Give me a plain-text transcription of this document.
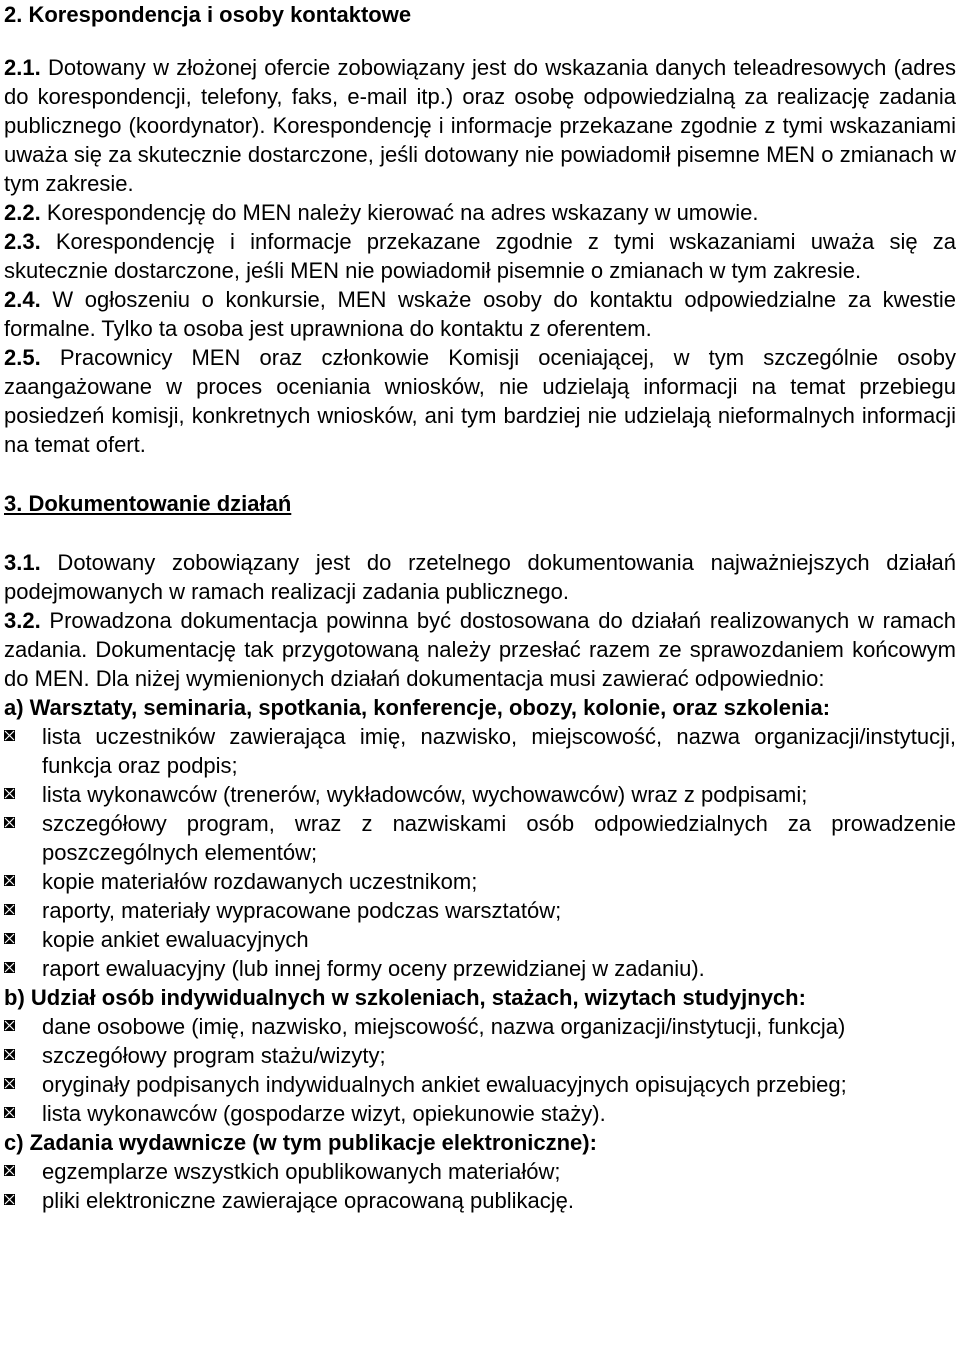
2. Korespondencja i osoby kontaktowe

2.1. Dotowany w złożonej ofercie zobowiązany jest do wskazania danych teleadresowych (adres do korespondencji, telefony, faks, e-mail itp.) oraz osobę odpowiedzialną za realizację zadania publicznego (koordynator). Korespondencję i informacje przekazane zgodnie z tymi wskazaniami uważa się za skutecznie dostarczone, jeśli dotowany nie powiadomił pisemne MEN o zmianach w tym zakresie.

2.2. Korespondencję do MEN należy kierować na adres wskazany w umowie.

2.3. Korespondencję i informacje przekazane zgodnie z tymi wskazaniami uważa się za skutecznie dostarczone, jeśli MEN nie powiadomił pisemnie o zmianach w tym zakresie.

2.4. W ogłoszeniu o konkursie, MEN wskaże osoby do kontaktu odpowiedzialne za kwestie formalne. Tylko ta osoba jest uprawniona do kontaktu z oferentem.

2.5. Pracownicy MEN oraz członkowie Komisji oceniającej, w tym szczególnie osoby zaangażowane w proces oceniania wniosków, nie udzielają informacji na temat przebiegu posiedzeń komisji, konkretnych wniosków, ani tym bardziej nie udzielają nieformalnych informacji na temat ofert.

3. Dokumentowanie działań

3.1. Dotowany zobowiązany jest do rzetelnego dokumentowania najważniejszych działań podejmowanych w ramach realizacji zadania publicznego.

3.2. Prowadzona dokumentacja powinna być dostosowana do działań realizowanych w ramach zadania. Dokumentację tak przygotowaną należy przesłać razem ze sprawozdaniem końcowym do MEN. Dla niżej wymienionych działań dokumentacja musi zawierać odpowiednio:

a) Warsztaty, seminaria, spotkania, konferencje, obozy, kolonie, oraz szkolenia:

lista uczestników zawierająca imię, nazwisko, miejscowość, nazwa organizacji/instytucji, funkcja oraz podpis;
lista wykonawców (trenerów, wykładowców, wychowawców) wraz z podpisami;
szczegółowy program, wraz z nazwiskami osób odpowiedzialnych za prowadzenie poszczególnych elementów;
kopie materiałów rozdawanych uczestnikom;
raporty, materiały wypracowane podczas warsztatów;
kopie ankiet ewaluacyjnych
raport ewaluacyjny (lub innej formy oceny przewidzianej w zadaniu).

b) Udział osób indywidualnych w szkoleniach, stażach, wizytach studyjnych:

dane osobowe (imię, nazwisko, miejscowość, nazwa organizacji/instytucji, funkcja)
szczegółowy program stażu/wizyty;
oryginały podpisanych indywidualnych ankiet ewaluacyjnych opisujących przebieg;
lista wykonawców (gospodarze wizyt, opiekunowie staży).

c) Zadania wydawnicze (w tym publikacje elektroniczne):

egzemplarze wszystkich opublikowanych materiałów;
pliki elektroniczne zawierające opracowaną publikację.
